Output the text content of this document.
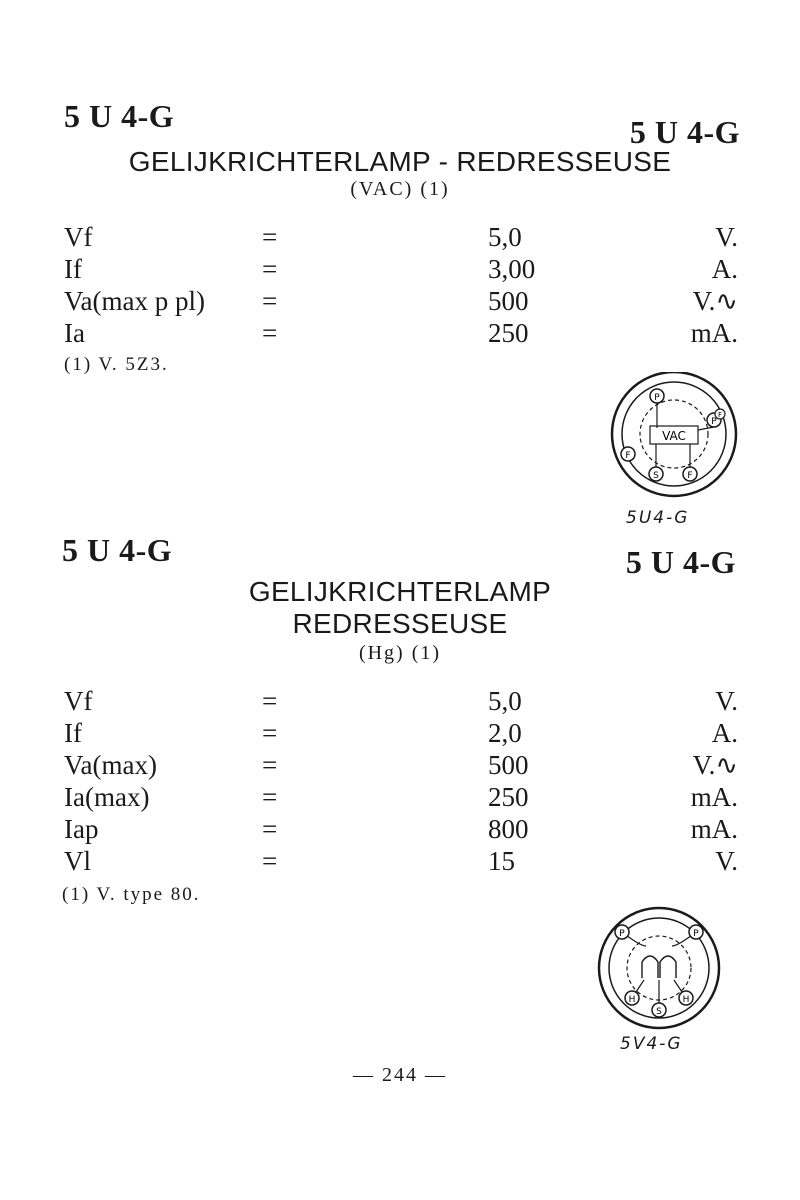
5 U 4-G	5 U 4-G
GELIJKRICHTERLAMP - REDRESSEUSE
(VAC) (1)
Vf	=	5,0	V.
If	=	3,00	A.
Va(max p pl) =	500	V.∿
Ia	=	250	mA.
(1) V. 5Z3.
VAC
P
P
F
F
S
F
5U4-G
5 U 4-G	5 U 4-G
GELIJKRICHTERLAMP
REDRESSEUSE
(Hg) (1)
Vf	=	5,0	V.
If	=	2,0	A.
Va(max)	=	500	V.∿
Ia(max)	=	250	mA.
Iap	=	800	mA.
Vl	=	15	V.
(1) V. type 80.
P	P
H	H
S
5V4-G
— 244 —
